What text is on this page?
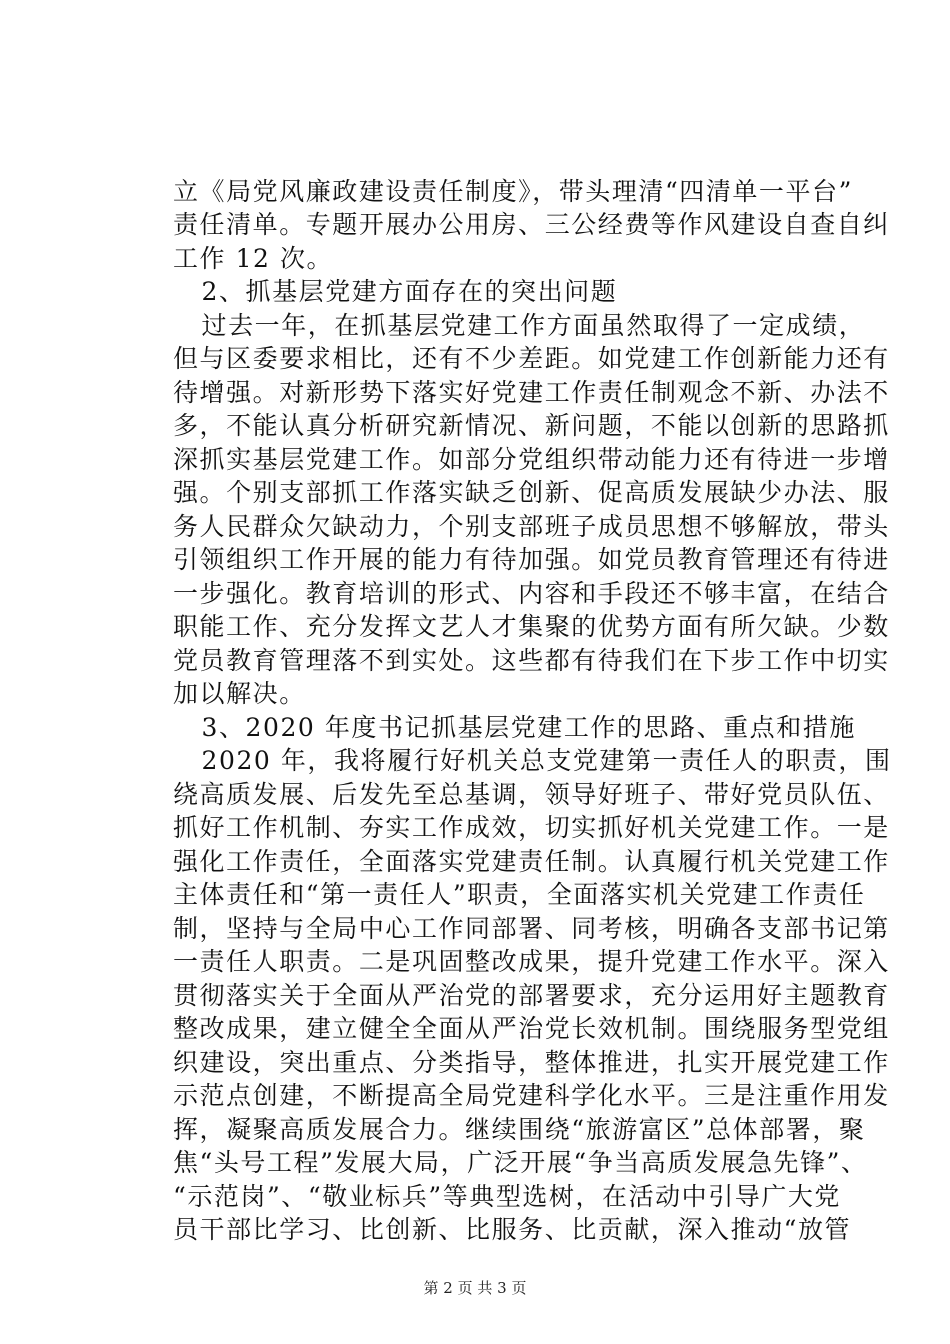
立《局党风廉政建设责任制度》，带头理清“四清单一平台”
责任清单。专题开展办公用房、三公经费等作风建设自查自纠
工作 12 次。
　2、抓基层党建方面存在的突出问题
　过去一年，在抓基层党建工作方面虽然取得了一定成绩，
但与区委要求相比，还有不少差距。如党建工作创新能力还有
待增强。对新形势下落实好党建工作责任制观念不新、办法不
多，不能认真分析研究新情况、新问题，不能以创新的思路抓
深抓实基层党建工作。如部分党组织带动能力还有待进一步增
强。个别支部抓工作落实缺乏创新、促高质发展缺少办法、服
务人民群众欠缺动力，个别支部班子成员思想不够解放，带头
引领组织工作开展的能力有待加强。如党员教育管理还有待进
一步强化。教育培训的形式、内容和手段还不够丰富，在结合
职能工作、充分发挥文艺人才集聚的优势方面有所欠缺。少数
党员教育管理落不到实处。这些都有待我们在下步工作中切实
加以解决。
　3、2020 年度书记抓基层党建工作的思路、重点和措施
　2020 年，我将履行好机关总支党建第一责任人的职责，围
绕高质发展、后发先至总基调，领导好班子、带好党员队伍、
抓好工作机制、夯实工作成效，切实抓好机关党建工作。一是
强化工作责任，全面落实党建责任制。认真履行机关党建工作
主体责任和“第一责任人”职责，全面落实机关党建工作责任
制，坚持与全局中心工作同部署、同考核，明确各支部书记第
一责任人职责。二是巩固整改成果，提升党建工作水平。深入
贯彻落实关于全面从严治党的部署要求，充分运用好主题教育
整改成果，建立健全全面从严治党长效机制。围绕服务型党组
织建设，突出重点、分类指导，整体推进，扎实开展党建工作
示范点创建，不断提高全局党建科学化水平。三是注重作用发
挥，凝聚高质发展合力。继续围绕“旅游富区”总体部署，聚
焦“头号工程”发展大局，广泛开展“争当高质发展急先锋”、
“示范岗”、“敬业标兵”等典型选树，在活动中引导广大党
员干部比学习、比创新、比服务、比贡献，深入推动“放管
第 2 页 共 3 页
